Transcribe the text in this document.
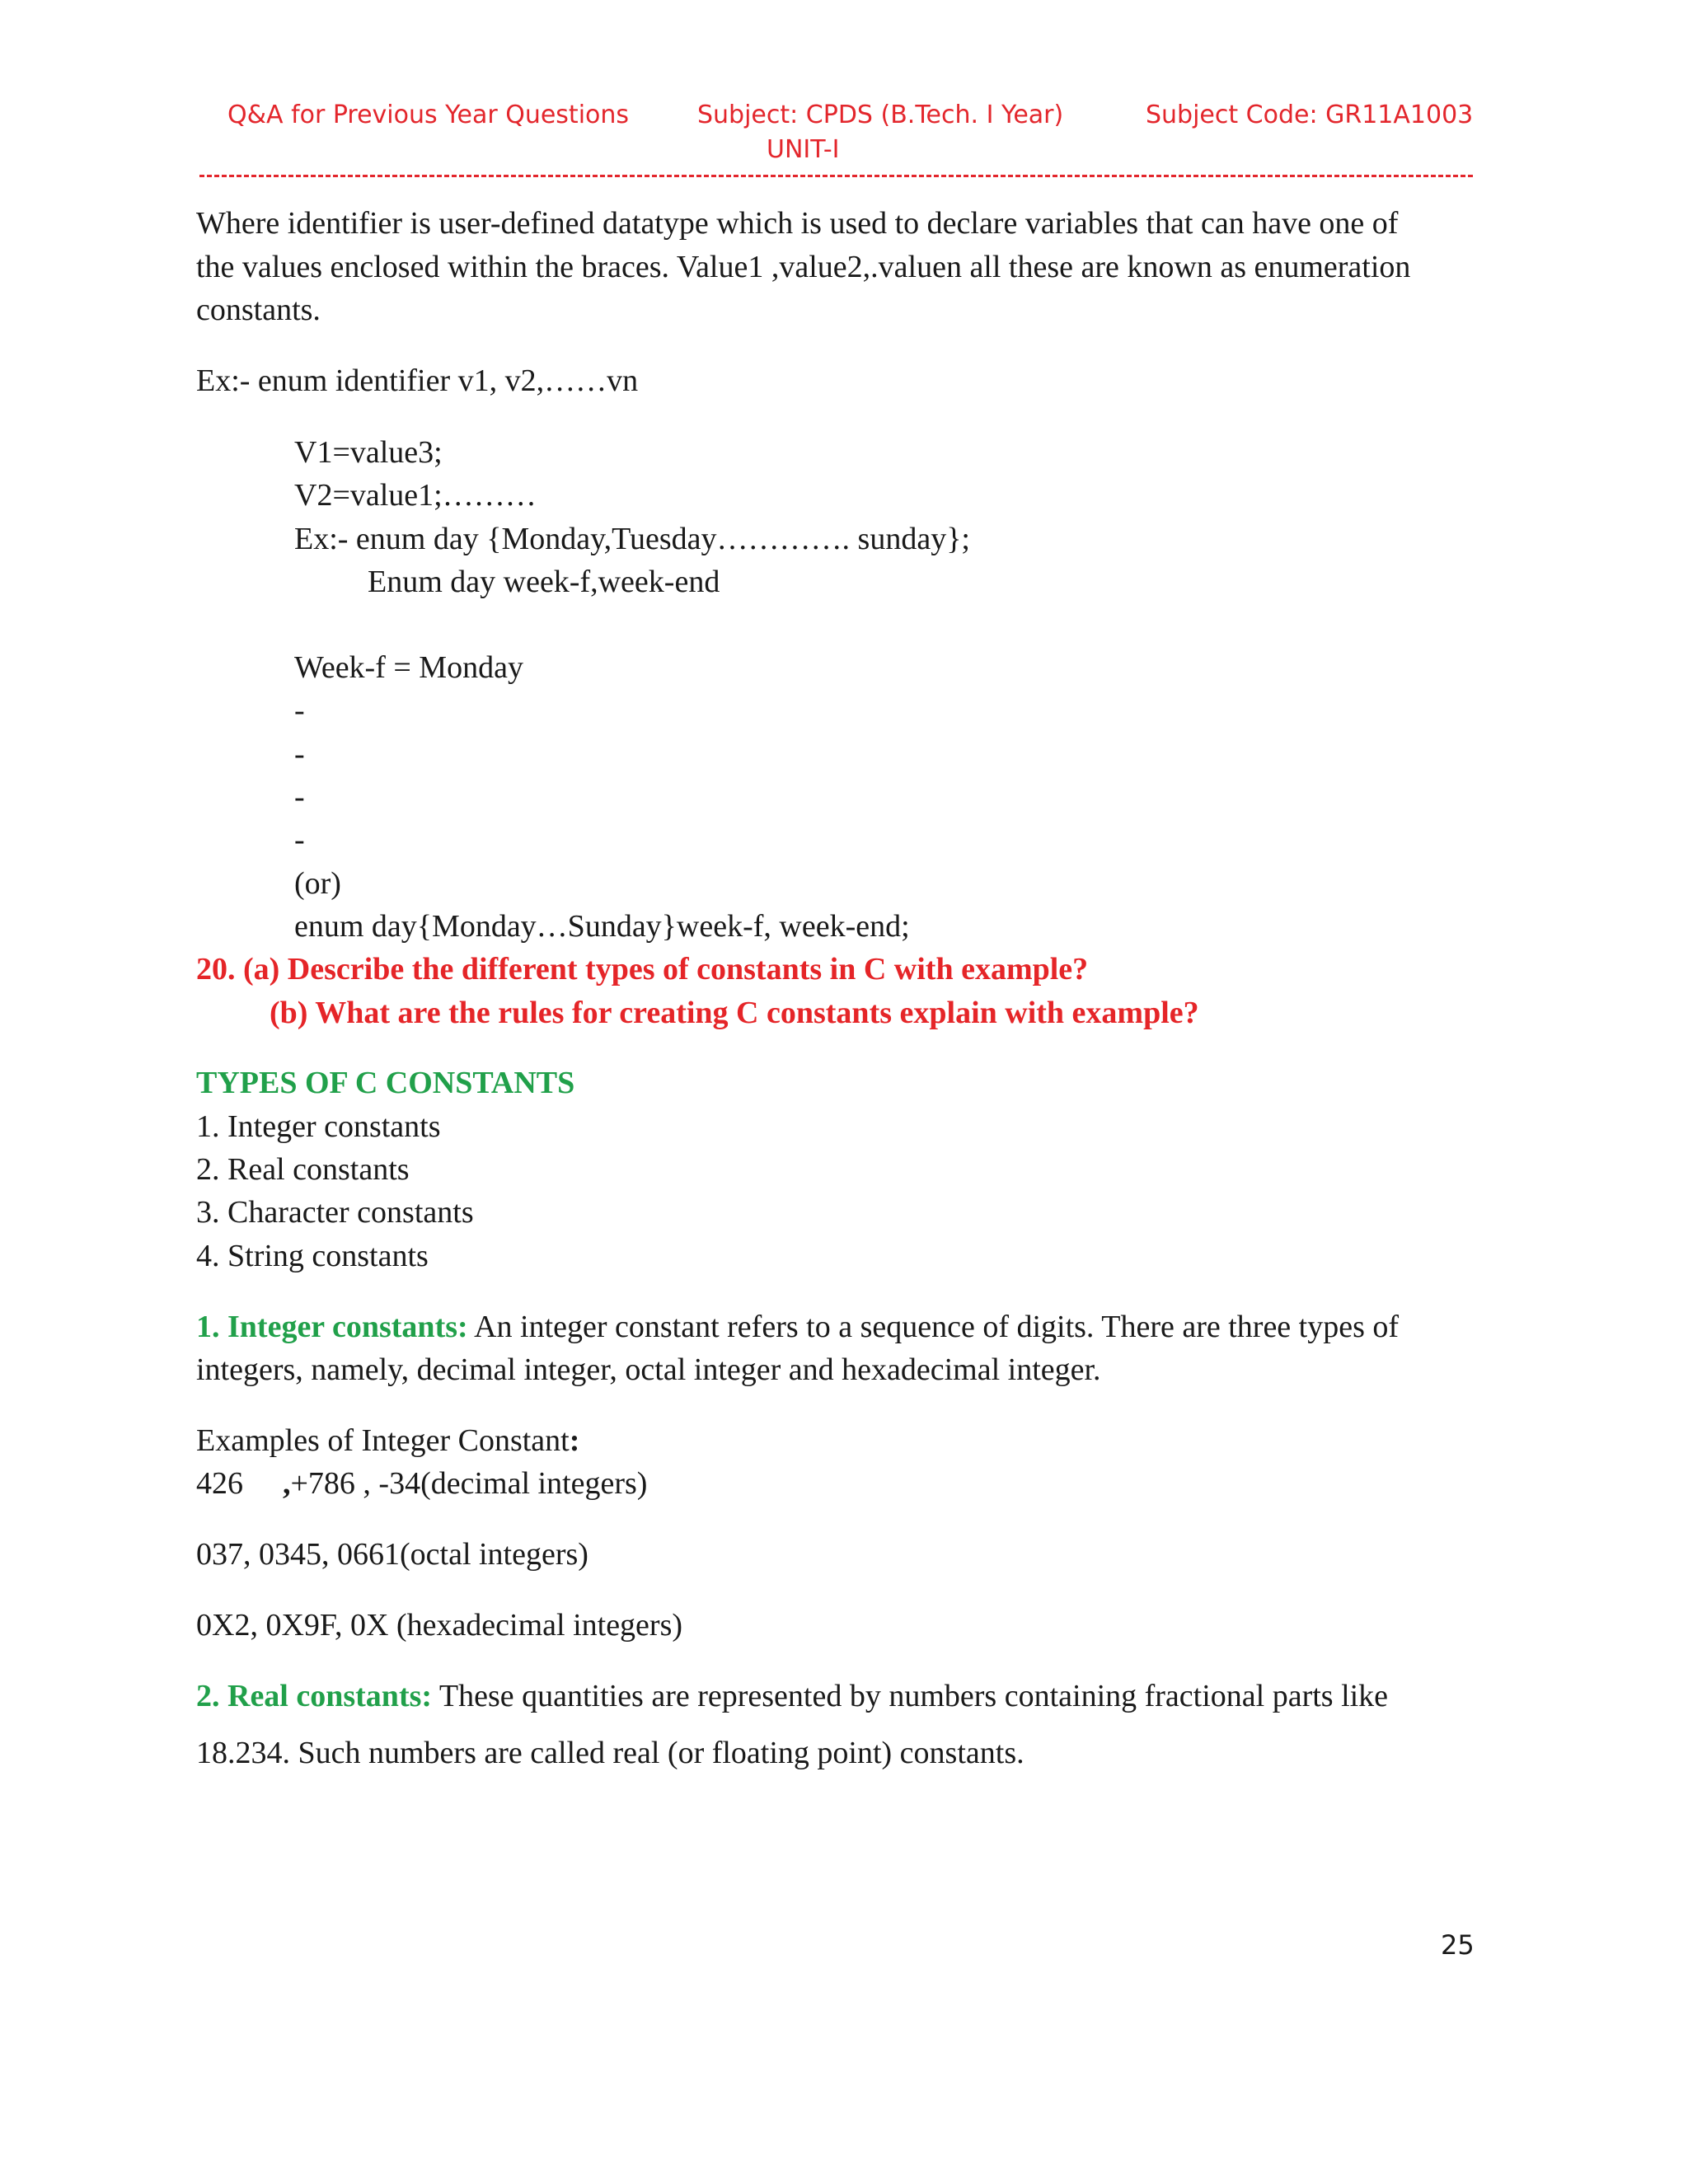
Q&A for Previous Year Questions	Subject: CPDS (B.Tech. I Year)
UNIT-I
Subject Code: GR11A1003
Where identifier is user-defined datatype which is used to declare variables that can have one of
the values enclosed within the braces. Value1 ,value2,.valuen all these are known as enumeration
constants.
Ex:- enum identifier v1, v2,……vn
V1=value3;
V2=value1;………
Ex:- enum day {Monday,Tuesday…………. sunday};
Enum day week-f,week-end
Week-f = Monday
-
-
-
-
(or)
enum day{Monday…Sunday}week-f, week-end;
20. (a) Describe the different types of constants in C with example?
(b) What are the rules for creating C constants explain with example?
TYPES OF C CONSTANTS
1. Integer constants
2. Real constants
3. Character constants
4. String constants
1. Integer constants: An integer constant refers to a sequence of digits. There are three types of
integers, namely, decimal integer, octal integer and hexadecimal integer.
Examples of Integer Constant:
426 ,+786 , -34(decimal integers)
037, 0345, 0661(octal integers)
0X2, 0X9F, 0X (hexadecimal integers)
2. Real constants: These quantities are represented by numbers containing fractional parts like
18.234. Such numbers are called real (or floating point) constants.
25
